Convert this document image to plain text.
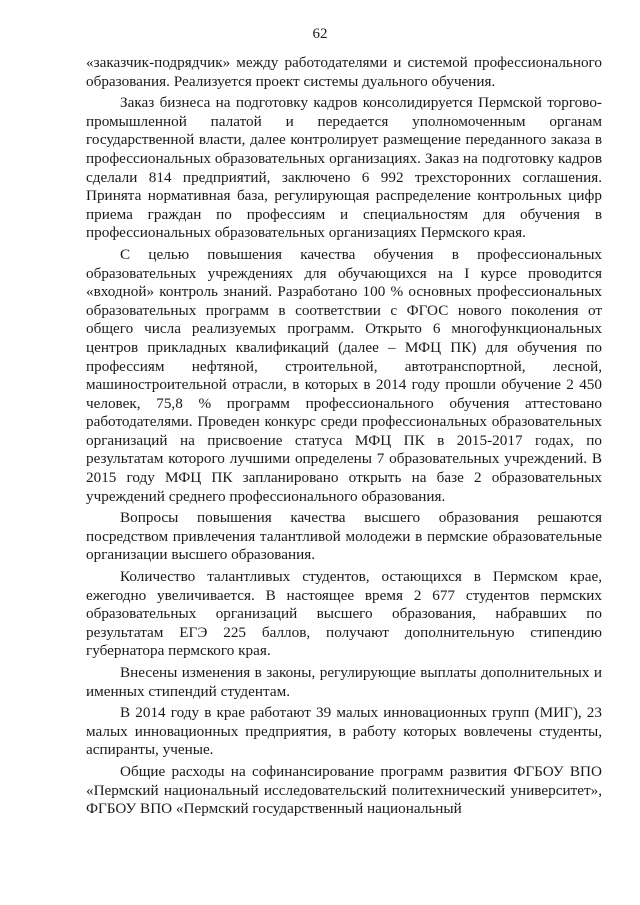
62

«заказчик-подрядчик» между работодателями и системой профессионального образования. Реализуется проект системы дуального обучения.

Заказ бизнеса на подготовку кадров консолидируется Пермской торгово-промышленной палатой и передается уполномоченным органам государственной власти, далее контролирует размещение переданного заказа в профессиональных образовательных организациях. Заказ на подготовку кадров сделали 814 предприятий, заключено 6 992 трехсторонних соглашения. Принята нормативная база, регулирующая распределение контрольных цифр приема граждан по профессиям и специальностям для обучения в профессиональных образовательных организациях Пермского края.

С целью повышения качества обучения в профессиональных образовательных учреждениях для обучающихся на I курсе проводится «входной» контроль знаний. Разработано 100 % основных профессиональных образовательных программ в соответствии с ФГОС нового поколения от общего числа реализуемых программ. Открыто 6 многофункциональных центров прикладных квалификаций (далее – МФЦ ПК) для обучения по профессиям нефтяной, строительной, автотранспортной, лесной, машиностроительной отрасли, в которых в 2014 году прошли обучение 2 450 человек, 75,8 % программ профессионального обучения аттестовано работодателями. Проведен конкурс среди профессиональных образовательных организаций на присвоение статуса МФЦ ПК в 2015-2017 годах, по результатам которого лучшими определены 7 образовательных учреждений. В 2015 году МФЦ ПК запланировано открыть на базе 2 образовательных учреждений среднего профессионального образования.

Вопросы повышения качества высшего образования решаются посредством привлечения талантливой молодежи в пермские образовательные организации высшего образования.

Количество талантливых студентов, остающихся в Пермском крае, ежегодно увеличивается. В настоящее время 2 677 студентов пермских образовательных организаций высшего образования, набравших по результатам ЕГЭ 225 баллов, получают дополнительную стипендию губернатора пермского края.

Внесены изменения в законы, регулирующие выплаты дополнительных и именных стипендий студентам.

В 2014 году в крае работают 39 малых инновационных групп (МИГ), 23 малых инновационных предприятия, в работу которых вовлечены студенты, аспиранты, ученые.

Общие расходы на софинансирование программ развития ФГБОУ ВПО «Пермский национальный исследовательский политехнический университет», ФГБОУ ВПО «Пермский государственный национальный
